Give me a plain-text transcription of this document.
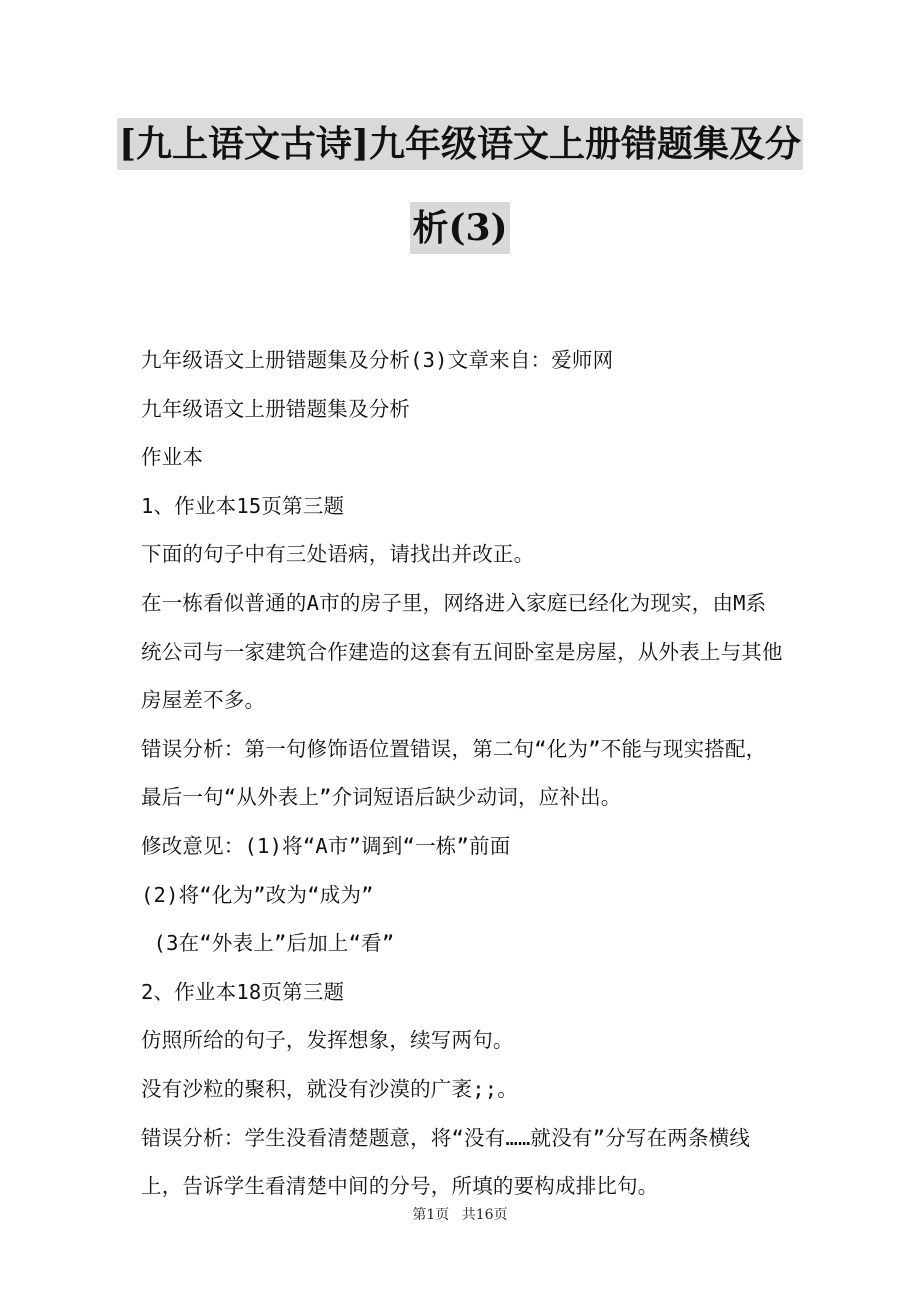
[九上语文古诗]九年级语文上册错题集及分
析(3)

九年级语文上册错题集及分析(3)文章来自：爱师网

九年级语文上册错题集及分析

作业本

1、作业本15页第三题

下面的句子中有三处语病，请找出并改正。

在一栋看似普通的A市的房子里，网络进入家庭已经化为现实，由M系统公司与一家建筑合作建造的这套有五间卧室是房屋，从外表上与其他房屋差不多。

错误分析：第一句修饰语位置错误，第二句“化为”不能与现实搭配，最后一句“从外表上”介词短语后缺少动词，应补出。

修改意见：(1)将“A市”调到“一栋”前面

(2)将“化为”改为“成为”

(3在“外表上”后加上“看”

2、作业本18页第三题

仿照所给的句子，发挥想象，续写两句。

没有沙粒的聚积，就没有沙漠的广袤;;。

错误分析：学生没看清楚题意，将“没有……就没有”分写在两条横线上，告诉学生看清楚中间的分号，所填的要构成排比句。

第1页 共16页
